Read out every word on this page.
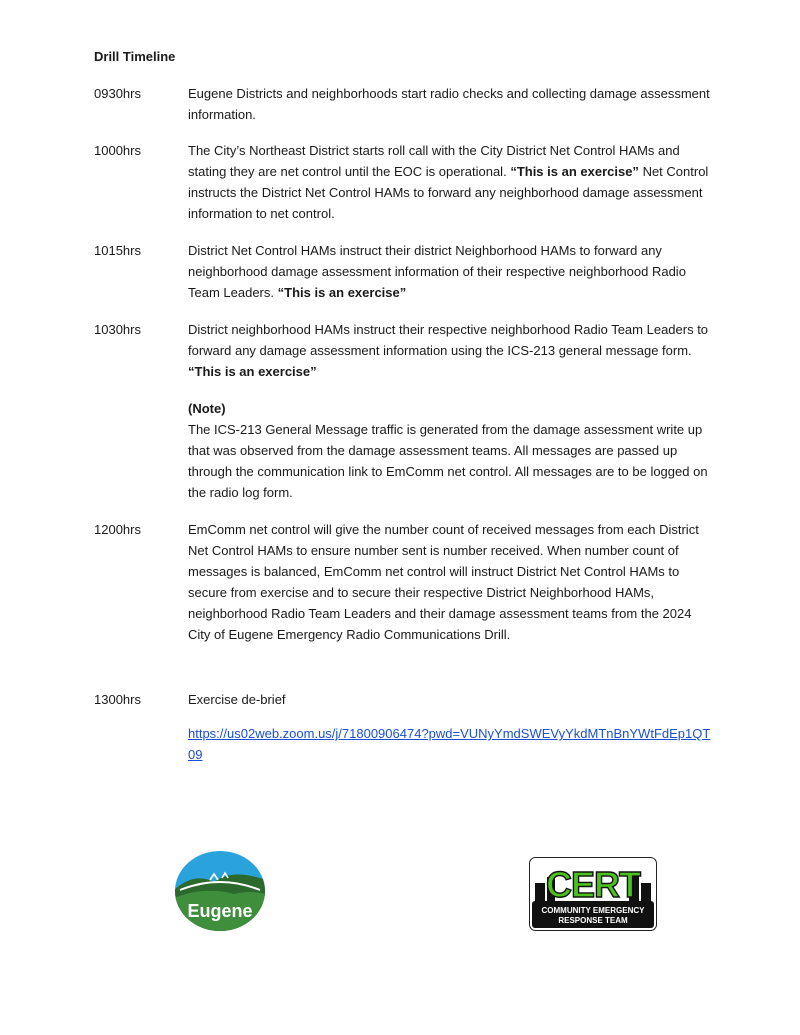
Drill Timeline
0930hrs	Eugene Districts and neighborhoods start radio checks and collecting damage assessment information.
1000hrs	The City’s Northeast District starts roll call with the City District Net Control HAMs and stating they are net control until the EOC is operational. “This is an exercise” Net Control instructs the District Net Control HAMs to forward any neighborhood damage assessment information to net control.
1015hrs	District Net Control HAMs instruct their district Neighborhood HAMs to forward any neighborhood damage assessment information of their respective neighborhood Radio Team Leaders. “This is an exercise”
1030hrs	District neighborhood HAMs instruct their respective neighborhood Radio Team Leaders to forward any damage assessment information using the ICS-213 general message form. “This is an exercise”
(Note)
The ICS-213 General Message traffic is generated from the damage assessment write up that was observed from the damage assessment teams. All messages are passed up through the communication link to EmComm net control. All messages are to be logged on the radio log form.
1200hrs	EmComm net control will give the number count of received messages from each District Net Control HAMs to ensure number sent is number received. When number count of messages is balanced, EmComm net control will instruct District Net Control HAMs to secure from exercise and to secure their respective District Neighborhood HAMs, neighborhood Radio Team Leaders and their damage assessment teams from the 2024 City of Eugene Emergency Radio Communications Drill.
1300hrs	Exercise de-brief
https://us02web.zoom.us/j/71800906474?pwd=VUNyYmdSWEVyYkdMTnBnYWtFdEp1QT09
Eugene
CERT
COMMUNITY EMERGENCY
RESPONSE TEAM
